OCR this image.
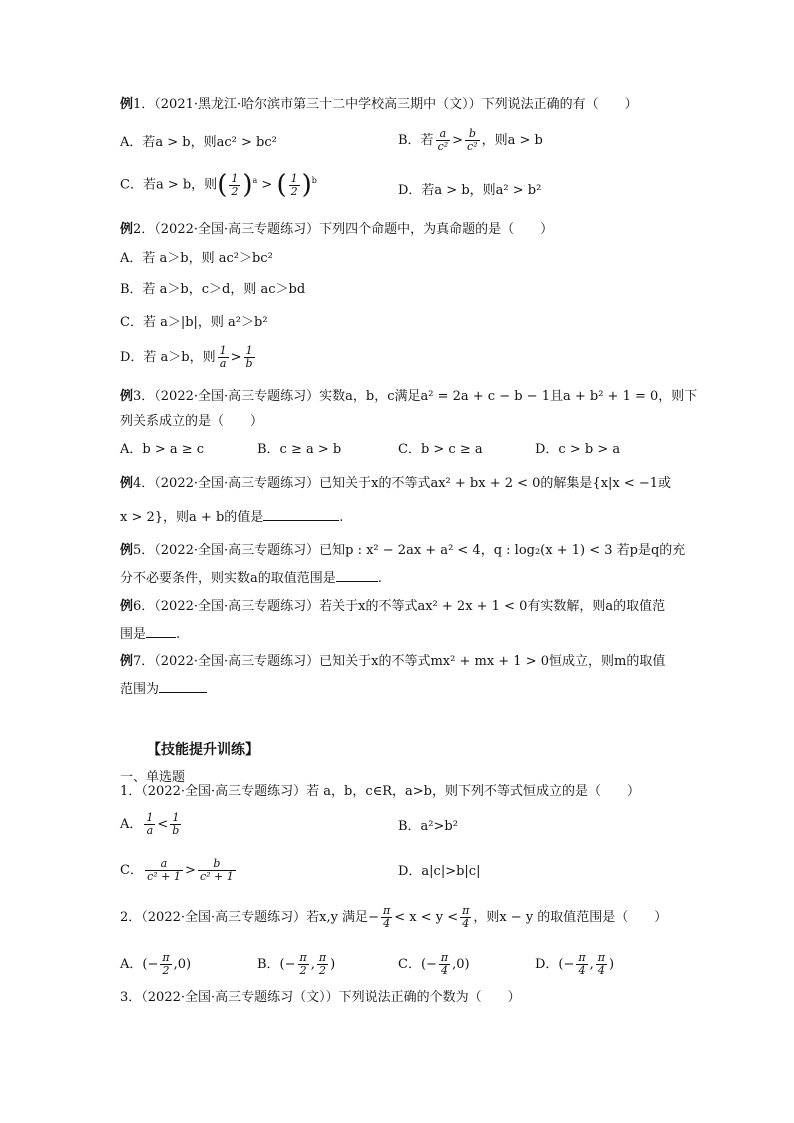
例1．（2021·黑龙江·哈尔滨市第三十二中学校高三期中（文））下列说法正确的有（　　）
A．若a > b，则ac² > bc²	B．若 $\frac{a}{\text{c²}} > \frac{b}{\text{c²}}$ ，则a > b
C．若a > b，则( $\frac{1}{2} )^a$ > ( $\frac{1}{2} )^b$
D．若a > b，则a² > b²
例2．（2022·全国·高三专题练习）下列四个命题中，为真命题的是（　　）
A．若 a＞b，则 ac²＞bc²
B．若 a＞b，c＞d，则 ac＞bd
C．若 a＞|b|，则 a²＞b²
D．若 a＞b，则 $\frac{1}{a} > \frac{1}{b}$
例3．（2022·全国·高三专题练习）实数a，b，c满足a² = 2a + c − b − 1且a + b² + 1 = 0，则下
列关系成立的是（　　）
A．b > a ≥ c	B．c ≥ a > b	C．b > c ≥ a	D．c > b > a
例4．（2022·全国·高三专题练习）已知关于x的不等式ax² + bx + 2 < 0的解集是{x|x < −1或
x > 2}，则a + b的值是	.
例5．（2022·全国·高三专题练习）已知p : x² − 2ax + a² < 4，q : log₂(x + 1) < 3 若p是q的充
分不必要条件，则实数a的取值范围是	.
例6．（2022·全国·高三专题练习）若关于x的不等式ax² + 2x + 1 < 0有实数解，则a的取值范
围是 .
例7．（2022·全国·高三专题练习）已知关于x的不等式mx² + mx + 1 > 0恒成立，则m的取值
范围为
【技能提升训练】
一、单选题
1．（2022·全国·高三专题练习）若 a，b，c∈R，a>b，则下列不等式恒成立的是（　　）
A． $\frac{1}{a} < \frac{1}{b}$	B．a²>b²
C． $\frac{a}{\text{c² + 1}} > \frac{b}{\text{c² + 1}}$	D．a|c|>b|c|
2．（2022·全国·高三专题练习）若x,y 满足− $\frac{\pi}{4} < x < y < \frac{\pi}{4}$ ，则x − y 的取值范围是（　　）
A．(− $\frac{\pi}{2} ,0$)	B．(− $\frac{\pi}{2}$ , $\frac{\pi}{2}$ )	C．(− $\frac{\pi}{4} ,0$)	D．(− $\frac{\pi}{4}$ , $\frac{\pi}{4}$ )
3．（2022·全国·高三专题练习（文））下列说法正确的个数为（　　）
